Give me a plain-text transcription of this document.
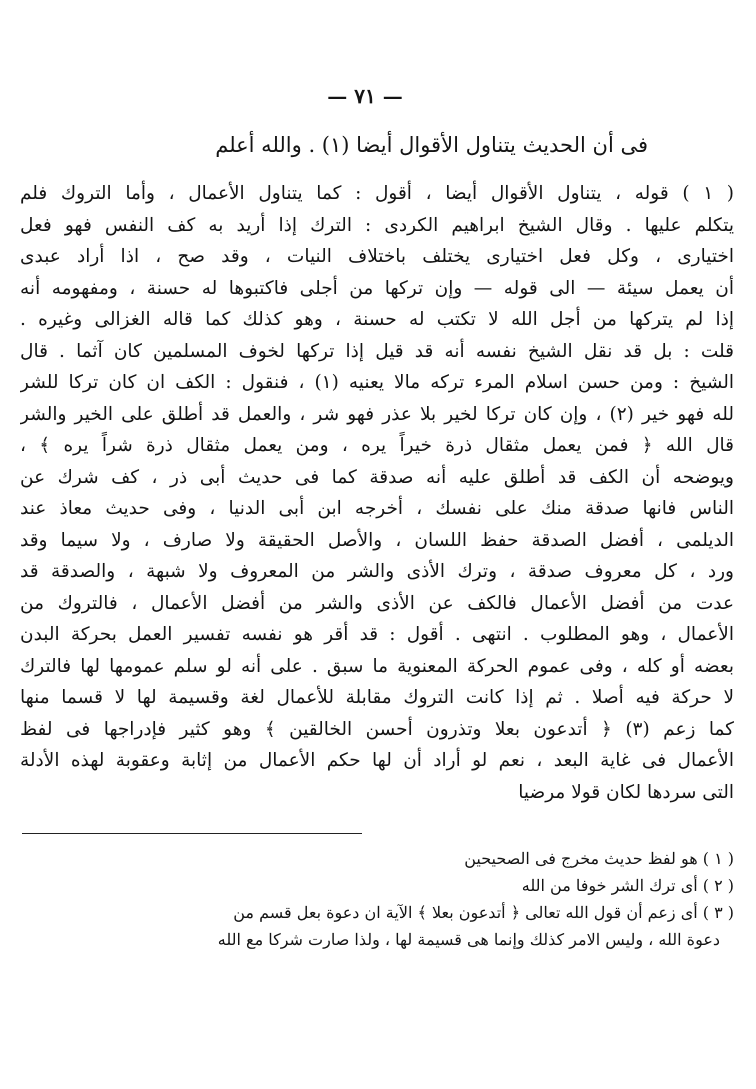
— ٧١ —
فى أن الحديث يتناول الأقوال أيضا (١) . والله أعلم
( ١ ) قوله ، يتناول الأقوال أيضا ، أقول : كما يتناول الأعمال ، وأما التروك فلم
يتكلم عليها . وقال الشيخ ابراهيم الكردى : الترك إذا أريد به كف النفس فهو فعل
اختيارى ، وكل فعل اختيارى يختلف باختلاف النيات ، وقد صح ، اذا أراد عبدى
أن يعمل سيئة — الى قوله — وإن تركها من أجلى فاكتبوها له حسنة ، ومفهومه أنه
إذا لم يتركها من أجل الله لا تكتب له حسنة ، وهو كذلك كما قاله الغزالى وغيره .
قلت : بل قد نقل الشيخ نفسه أنه قد قيل إذا تركها لخوف المسلمين كان آثما . قال
الشيخ : ومن حسن اسلام المرء تركه مالا يعنيه (١) ، فنقول : الكف ان كان تركا للشر
لله فهو خير (٢) ، وإن كان تركا لخير بلا عذر فهو شر ، والعمل قد أطلق على الخير والشر
قال الله ﴿ فمن يعمل مثقال ذرة خيراً يره ، ومن يعمل مثقال ذرة شراً يره ﴾ ،
ويوضحه أن الكف قد أطلق عليه أنه صدقة كما فى حديث أبى ذر ، كف شرك عن
الناس فانها صدقة منك على نفسك ، أخرجه ابن أبى الدنيا ، وفى حديث معاذ عند
الديلمى ، أفضل الصدقة حفظ اللسان ، والأصل الحقيقة ولا صارف ، ولا سيما وقد
ورد ، كل معروف صدقة ، وترك الأذى والشر من المعروف ولا شبهة ، والصدقة قد
عدت من أفضل الأعمال فالكف عن الأذى والشر من أفضل الأعمال ، فالتروك من
الأعمال ، وهو المطلوب . انتهى . أقول : قد أقر هو نفسه تفسير العمل بحركة البدن
بعضه أو كله ، وفى عموم الحركة المعنوية ما سبق . على أنه لو سلم عمومها لها فالترك
لا حركة فيه أصلا . ثم إذا كانت التروك مقابلة للأعمال لغة وقسيمة لها لا قسما منها
كما زعم (٣) ﴿ أتدعون بعلا وتذرون أحسن الخالقين ﴾ وهو كثير فإدراجها فى لفظ
الأعمال فى غاية البعد ، نعم لو أراد أن لها حكم الأعمال من إثابة وعقوبة لهذه الأدلة
التى سردها لكان قولا مرضيا
( ١ ) هو لفظ حديث مخرج فى الصحيحين
( ٢ ) أى ترك الشر خوفا من الله
( ٣ ) أى زعم أن قول الله تعالى ﴿ أتدعون بعلا ﴾ الآية ان دعوة بعل قسم من
دعوة الله ، وليس الامر كذلك وإنما هى قسيمة لها ، ولذا صارت شركا مع الله
